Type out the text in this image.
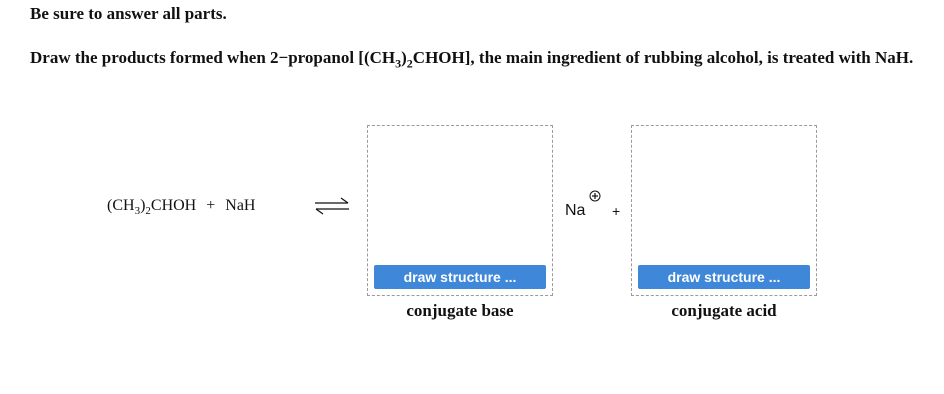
Be sure to answer all parts.
Draw the products formed when 2−propanol $[(CH_3)_2CHOH]$, the main ingredient of rubbing alcohol, is treated with NaH.
$(CH_3)_2CHOH$ + NaH
draw structure ...
conjugate base
Na +
draw structure ...
conjugate acid
